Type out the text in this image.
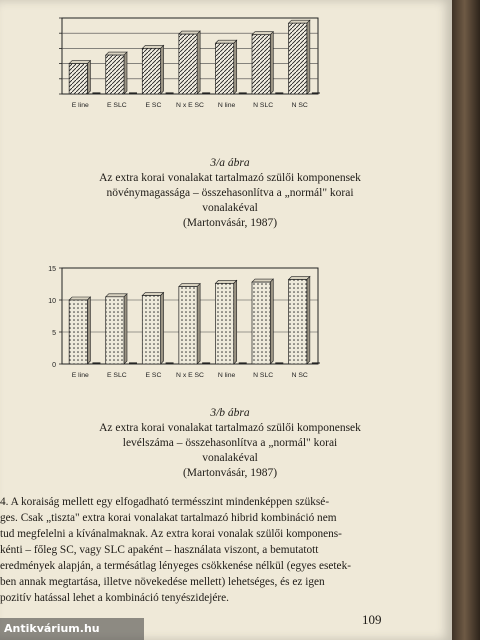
E line	E SLC	E SC N x E SC N line	N SLC	N SC
3/a ábra
Az extra korai vonalakat tartalmazó szülői komponensek
növénymagassága – összehasonlítva a „normál" korai
vonalakéval
(Martonvásár, 1987)
0
5
10
15
E line	E SLC	E SC N x E SC N line	N SLC	N SC
3/b ábra
Az extra korai vonalakat tartalmazó szülői komponensek
levélszáma – összehasonlítva a „normál" korai
vonalakéval
(Martonvásár, 1987)
4. A koraiság mellett egy elfogadható termésszint mindenképpen szüksé-
ges. Csak „tiszta" extra korai vonalakat tartalmazó hibrid kombináció nem
tud megfelelni a kívánalmaknak. Az extra korai vonalak szülői komponens-
kénti – főleg SC, vagy SLC apaként – használata viszont, a bemutatott
eredmények alapján, a termésátlag lényeges csökkenése nélkül (egyes esetek-
ben annak megtartása, illetve növekedése mellett) lehetséges, és ez igen
pozitív hatással lehet a kombináció tenyészidejére.
109
Antikvárium.hu
